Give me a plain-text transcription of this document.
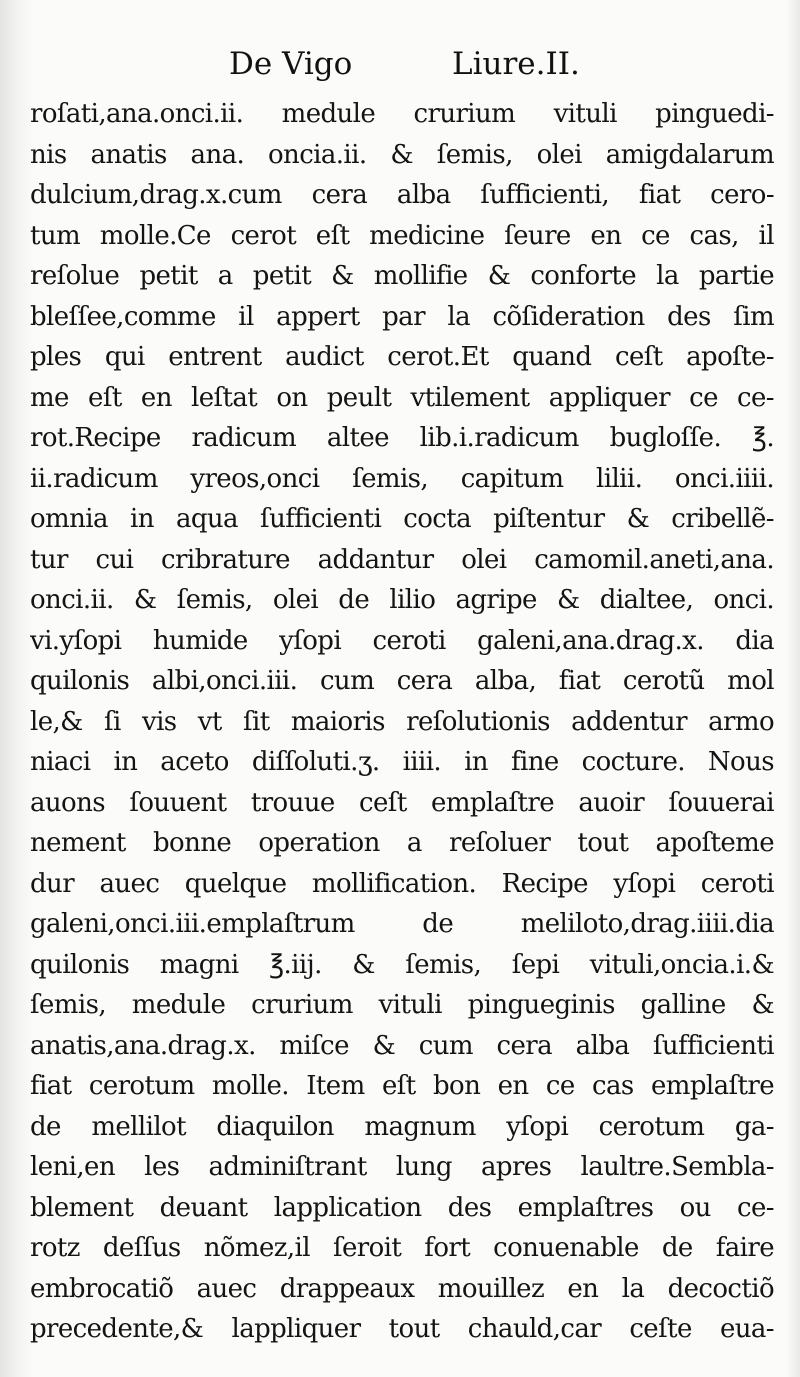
De Vigo	Liure.II.
roſati,ana.onci.ii. medule crurium vituli pinguedi-
nis anatis ana. oncia.ii. & ſemis, olei amigdalarum
dulcium,drag.x.cum cera alba ſufficienti, fiat cero-
tum molle.Ce cerot eſt medicine ſeure en ce cas, il
reſolue petit a petit & mollifie & conforte la partie
bleſſee,comme il appert par la cõſideration des ſim
ples qui entrent audict cerot.Et quand ceſt apoſte-
me eſt en leſtat on peult vtilement appliquer ce ce-
rot.Recipe radicum altee lib.i.radicum bugloſſe. ℥.
ii.radicum yreos,onci ſemis, capitum lilii. onci.iiii.
omnia in aqua ſufficienti cocta piſtentur & cribellẽ-
tur cui cribrature addantur olei camomil.aneti,ana.
onci.ii. & ſemis, olei de lilio agripe & dialtee, onci.
vi.yſopi humide yſopi ceroti galeni,ana.drag.x. dia
quilonis albi,onci.iii. cum cera alba, fiat cerotũ mol
le,& ſi vis vt ſit maioris reſolutionis addentur armo
niaci in aceto diſſoluti.ʒ. iiii. in fine cocture. Nous
auons ſouuent trouue ceſt emplaſtre auoir ſouuerai
nement bonne operation a reſoluer tout apoſteme
dur auec quelque mollification. Recipe yſopi ceroti
galeni,onci.iii.emplaſtrum de meliloto,drag.iiii.dia
quilonis magni ℥.iij. & ſemis, ſepi vituli,oncia.i.&
ſemis, medule crurium vituli pingueginis galline &
anatis,ana.drag.x. miſce & cum cera alba ſufficienti
fiat cerotum molle. Item eſt bon en ce cas emplaſtre
de mellilot diaquilon magnum yſopi cerotum ga-
leni,en les adminiſtrant lung apres laultre.Sembla-
blement deuant lapplication des emplaſtres ou ce-
rotz deſſus nõmez,il ſeroit fort conuenable de faire
embrocatiõ auec drappeaux mouillez en la decoctiõ
precedente,& lappliquer tout chauld,car ceſte eua-
